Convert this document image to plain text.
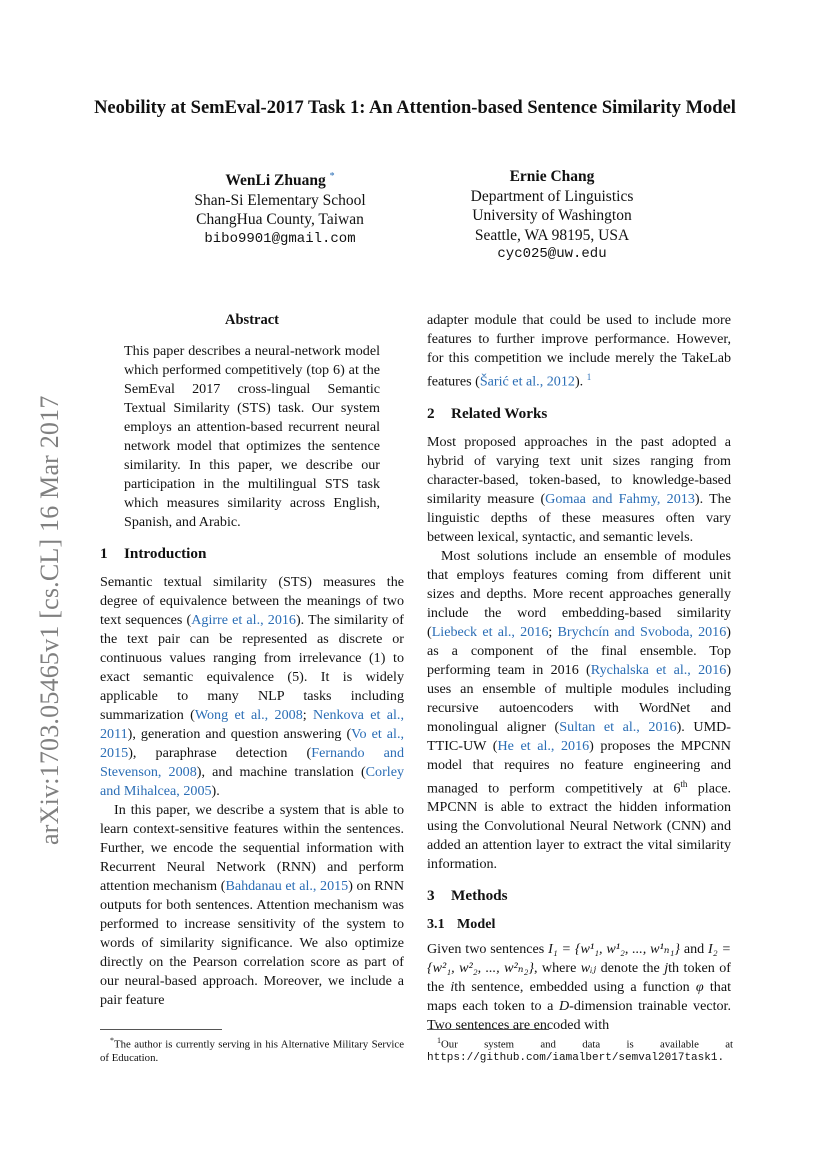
arXiv:1703.05465v1 [cs.CL] 16 Mar 2017
Neobility at SemEval-2017 Task 1: An Attention-based Sentence Similarity Model
WenLi Zhuang *
Shan-Si Elementary School
ChangHua County, Taiwan
bibo9901@gmail.com
Ernie Chang
Department of Linguistics
University of Washington
Seattle, WA 98195, USA
cyc025@uw.edu
Abstract

This paper describes a neural-network model which performed competitively (top 6) at the SemEval 2017 cross-lingual Semantic Textual Similarity (STS) task. Our system employs an attention-based recurrent neural network model that optimizes the sentence similarity. In this paper, we describe our participation in the multilingual STS task which measures similarity across English, Spanish, and Arabic.

1 Introduction

Semantic textual similarity (STS) measures the degree of equivalence between the meanings of two text sequences (Agirre et al., 2016). The similarity of the text pair can be represented as discrete or continuous values ranging from irrelevance (1) to exact semantic equivalence (5). It is widely applicable to many NLP tasks including summarization (Wong et al., 2008; Nenkova et al., 2011), generation and question answering (Vo et al., 2015), paraphrase detection (Fernando and Stevenson, 2008), and machine translation (Corley and Mihalcea, 2005).

In this paper, we describe a system that is able to learn context-sensitive features within the sentences. Further, we encode the sequential information with Recurrent Neural Network (RNN) and perform attention mechanism (Bahdanau et al., 2015) on RNN outputs for both sentences. Attention mechanism was performed to increase sensitivity of the system to words of similarity significance. We also optimize directly on the Pearson correlation score as part of our neural-based approach. Moreover, we include a pair feature

*The author is currently serving in his Alternative Military Service of Education.

adapter module that could be used to include more features to further improve performance. However, for this competition we include merely the TakeLab features (Šarić et al., 2012). $^1$

2 Related Works

Most proposed approaches in the past adopted a hybrid of varying text unit sizes ranging from character-based, token-based, to knowledge-based similarity measure (Gomaa and Fahmy, 2013). The linguistic depths of these measures often vary between lexical, syntactic, and semantic levels.

Most solutions include an ensemble of modules that employs features coming from different unit sizes and depths. More recent approaches generally include the word embedding-based similarity (Liebeck et al., 2016; Brychcín and Svoboda, 2016) as a component of the final ensemble. Top performing team in 2016 (Rychalska et al., 2016) uses an ensemble of multiple modules including recursive autoencoders with WordNet and monolingual aligner (Sultan et al., 2016). UMD-TTIC-UW (He et al., 2016) proposes the MPCNN model that requires no feature engineering and managed to perform competitively at 6th place. MPCNN is able to extract the hidden information using the Convolutional Neural Network (CNN) and added an attention layer to extract the vital similarity information.

3 Methods
3.1 Model

Given two sentences I₁ = {w¹₁, w¹₂, ..., w¹ₙ₁} and I₂ = {w²₁, w²₂, ..., w²ₙ₂}, where wᵢⱼ denote the jth token of the ith sentence, embedded using a function φ that maps each token to a D-dimension trainable vector. Two sentences are encoded with

$^1$Our system and data is available at
https://github.com/iamalbert/semval2017task1.
